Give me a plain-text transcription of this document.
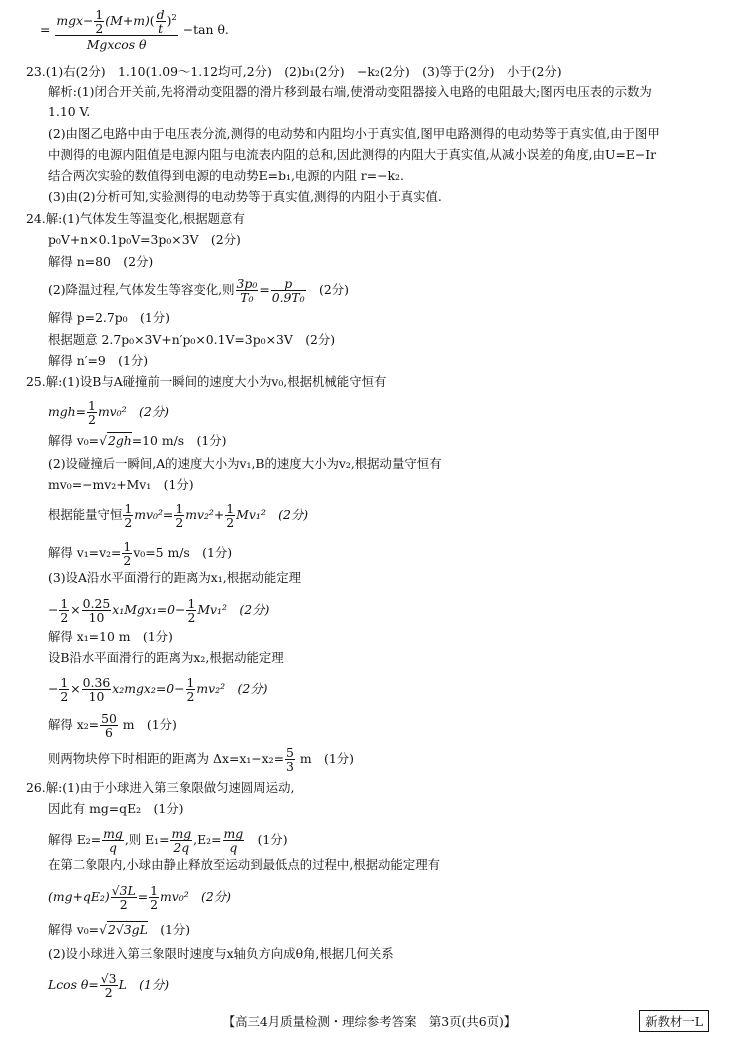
= $\frac{mgx- \frac{1}{2} (M+m)( \frac{d}{t} )^2}{\text{Mgxcos θ}} -\tan$ θ.
23.(1)右(2分)　1.10(1.09～1.12均可,2分)　(2)b₁(2分)　−k₂(2分)　(3)等于(2分)　小于(2分)
解析:(1)闭合开关前,先将滑动变阻器的滑片移到最右端,使滑动变阻器接入电路的电阻最大;图丙电压表的示数为
1.10 V.
(2)由图乙电路中由于电压表分流,测得的电动势和内阻均小于真实值,图甲电路测得的电动势等于真实值,由于图甲
中测得的电源内阻值是电源内阻与电流表内阻的总和,因此测得的内阻大于真实值,从减小误差的角度,由U=E−Ir
结合两次实验的数值得到电源的电动势E=b₁,电源的内阻 r=−k₂.
(3)由(2)分析可知,实验测得的电动势等于真实值,测得的内阻小于真实值.
24.解:(1)气体发生等温变化,根据题意有
p₀V+n×0.1p₀V=3p₀×3V　(2分)
解得 n=80　(2分)
(2)降温过程,气体发生等容变化,则 $\frac{\text{3p₀}}{\text{T₀}} = \frac{p}{\text{0.9T₀}}$
　 (2分)
解得 p=2.7p₀　(1分)
根据题意 2.7p₀×3V+n′p₀×0.1V=3p₀×3V　(2分)
解得 n′=9　(1分)
25.解:(1)设B与A碰撞前一瞬间的速度大小为v₀,根据机械能守恒有
$mgh= \frac{1}{2} mv_0^2$　(2分)
解得 v₀=√2gh=10 m/s　(1分)
(2)设碰撞后一瞬间,A的速度大小为v₁,B的速度大小为v₂,根据动量守恒有
mv₀=−mv₂+Mv₁　(1分)
根据能量守恒 $\frac{1}{2} mv_0^2= \frac{1}{2} mv_2^2+ \frac{1}{2} Mv_1^2$　(2分)
解得 $v_1=v_2= \frac{1}{2} v_0=5$ m/s　(1分)
(3)设A沿水平面滑行的距离为x₁,根据动能定理
− $\frac{1}{2} \times \frac{0.25}{10} x_1Mgx_1=0- \frac{1}{2} Mv_1^2$　(2分)
解得 x₁=10 m　(1分)
设B沿水平面滑行的距离为x₂,根据动能定理
− $\frac{1}{2} \times \frac{0.36}{10} x_2mgx_2=0- \frac{1}{2} mv_2^2$　(2分)
解得 $x_2= \frac{50}{6}$ m　(1分)
则两物块停下时相距的距离为 $\Delta x=x_1-x_2= \frac{5}{3}$ m　(1分)
26.解:(1)由于小球进入第三象限做匀速圆周运动,
因此有 mg=qE₂　(1分)
解得 $E_2= \frac{mg}{q}$ ,则 $E_1= \frac{mg}{2q} ,E_2= \frac{mg}{q}$
　 (1分)
在第二象限内,小球由静止释放至运动到最低点的过程中,根据动能定理有
$(mg+qE_2) \frac{√3L}{2} = \frac{1}{2} mv_0^2$　(2分)
解得 v₀=√2√3gL　 (1分)
(2)设小球进入第三象限时速度与x轴负方向成θ角,根据几何关系
Lcos $\theta= \frac{√3}{2}$ L　(1分)
【高三4月质量检测・理综参考答案　第3页(共6页)】	新教材一L
